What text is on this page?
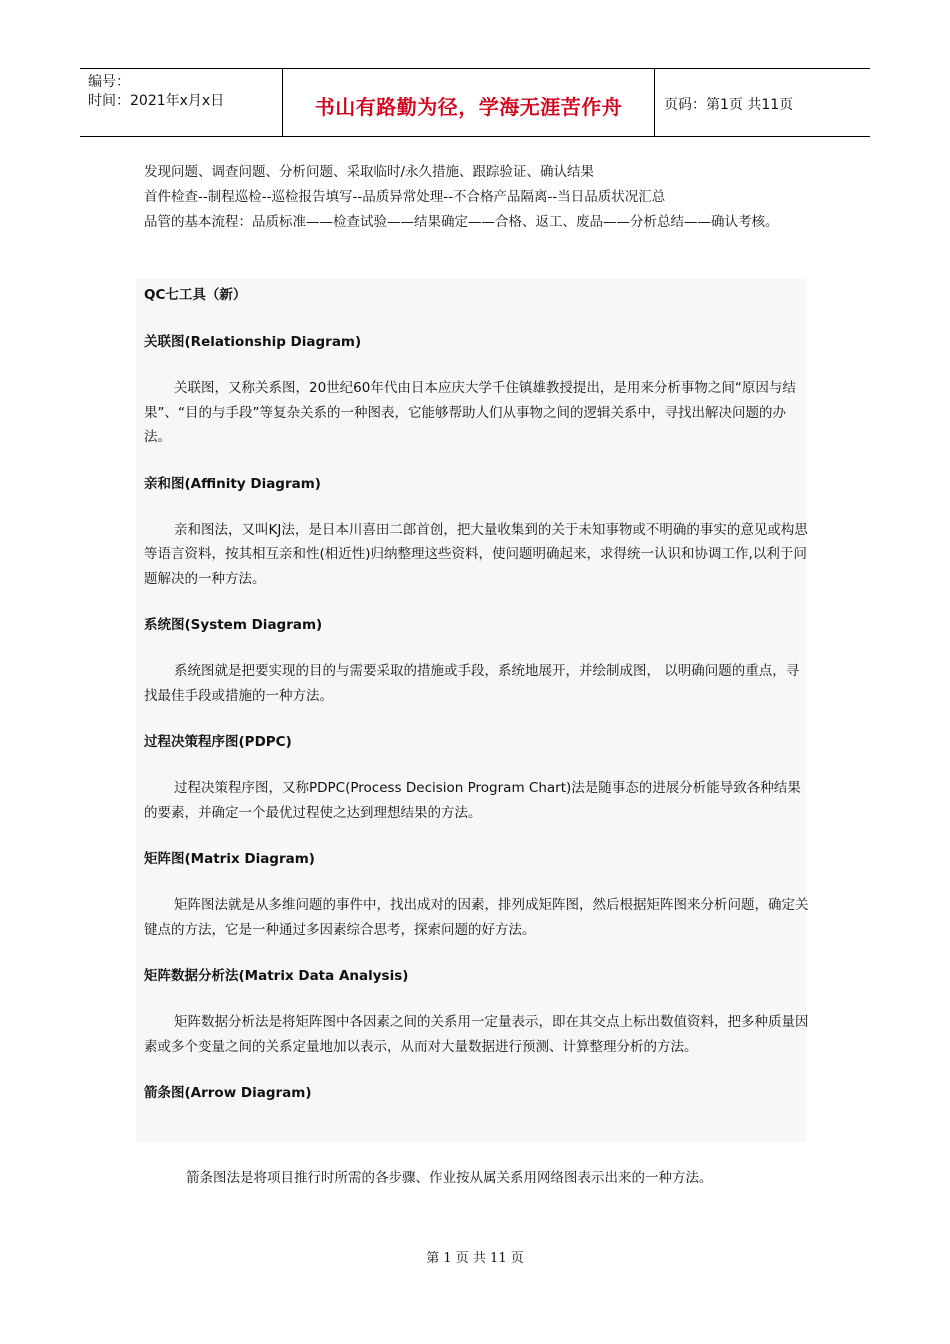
编号：
时间：2021年x月x日	书山有路勤为径，学海无涯苦作舟	页码：第1页 共11页

发现问题、调查问题、分析问题、采取临时/永久措施、跟踪验证、确认结果

首件检查--制程巡检--巡检报告填写--品质异常处理--不合格产品隔离--当日品质状况汇总

品管的基本流程：品质标准——检查试验——结果确定——合格、返工、废品——分析总结——确认考核。

QC七工具（新）

关联图(Relationship Diagram)

关联图，又称关系图，20世纪60年代由日本应庆大学千住镇雄教授提出，是用来分析事物之间“原因与结果”、“目的与手段”等复杂关系的一种图表，它能够帮助人们从事物之间的逻辑关系中，寻找出解决问题的办法。

亲和图(Affinity Diagram)

亲和图法，又叫KJ法，是日本川喜田二郎首创，把大量收集到的关于未知事物或不明确的事实的意见或构思等语言资料，按其相互亲和性(相近性)归纳整理这些资料，使问题明确起来，求得统一认识和协调工作,以利于问题解决的一种方法。

系统图(System Diagram)

系统图就是把要实现的目的与需要采取的措施或手段，系统地展开，并绘制成图， 以明确问题的重点，寻找最佳手段或措施的一种方法。

过程决策程序图(PDPC)

过程决策程序图，又称PDPC(Process Decision Program Chart)法是随事态的进展分析能导致各种结果的要素，并确定一个最优过程使之达到理想结果的方法。

矩阵图(Matrix Diagram)

矩阵图法就是从多维问题的事件中，找出成对的因素，排列成矩阵图，然后根据矩阵图来分析问题，确定关键点的方法，它是一种通过多因素综合思考，探索问题的好方法。

矩阵数据分析法(Matrix Data Analysis)

矩阵数据分析法是将矩阵图中各因素之间的关系用一定量表示，即在其交点上标出数值资料，把多种质量因素或多个变量之间的关系定量地加以表示，从而对大量数据进行预测、计算整理分析的方法。

箭条图(Arrow Diagram)

箭条图法是将项目推行时所需的各步骤、作业按从属关系用网络图表示出来的一种方法。
第 1 页 共 11 页
